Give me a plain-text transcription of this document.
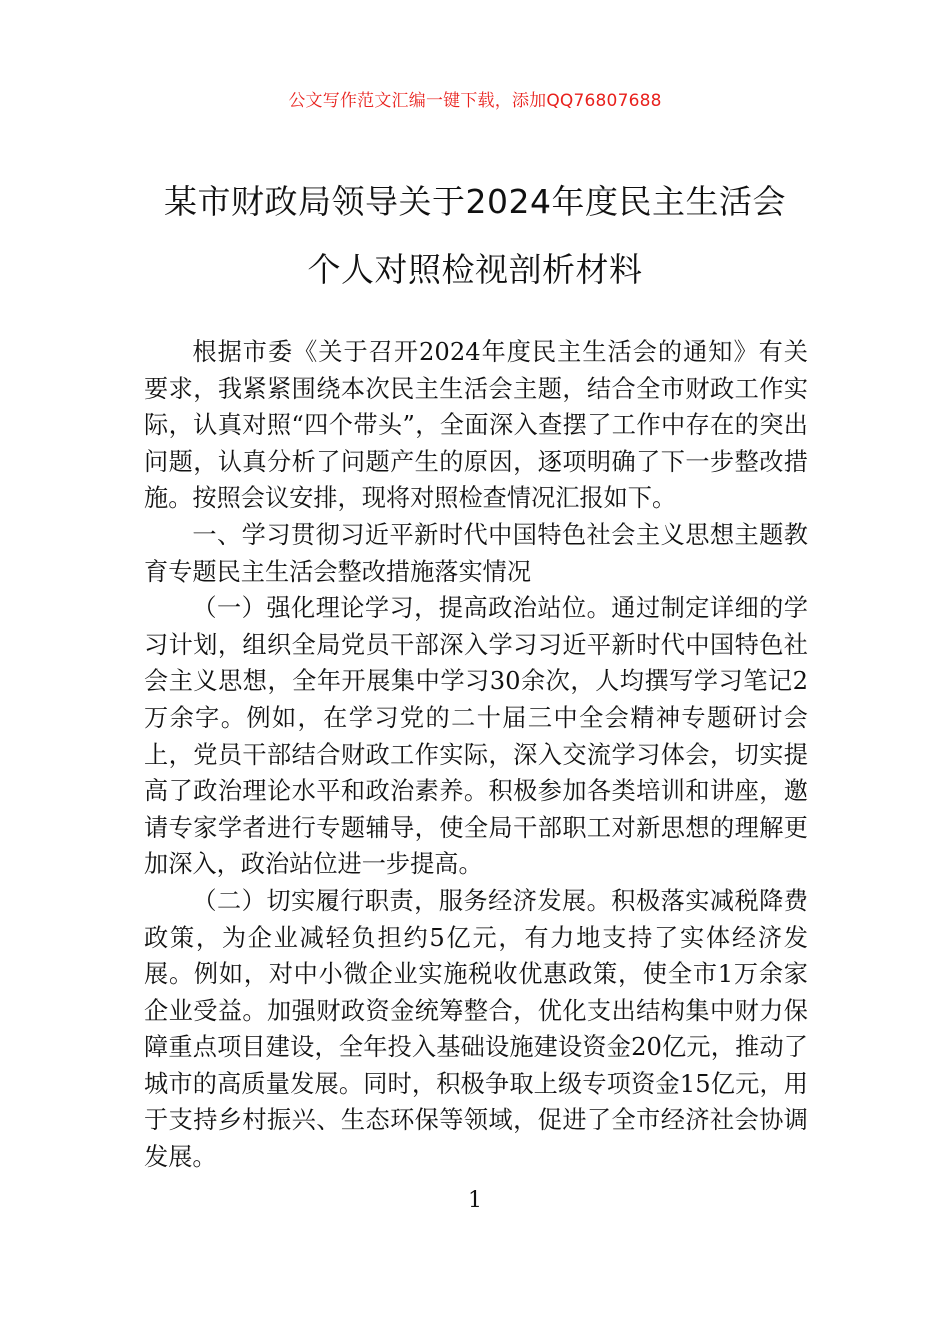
公文写作范文汇编一键下载，添加QQ76807688
某市财政局领导关于2024年度民主生活会
个人对照检视剖析材料

根据市委《关于召开2024年度民主生活会的通知》有关要求，我紧紧围绕本次民主生活会主题，结合全市财政工作实际，认真对照“四个带头”，全面深入查摆了工作中存在的突出问题，认真分析了问题产生的原因，逐项明确了下一步整改措施。按照会议安排，现将对照检查情况汇报如下。

一、学习贯彻习近平新时代中国特色社会主义思想主题教育专题民主生活会整改措施落实情况

（一）强化理论学习，提高政治站位。通过制定详细的学习计划，组织全局党员干部深入学习习近平新时代中国特色社会主义思想，全年开展集中学习30余次，人均撰写学习笔记2万余字。例如，在学习党的二十届三中全会精神专题研讨会上，党员干部结合财政工作实际，深入交流学习体会，切实提高了政治理论水平和政治素养。积极参加各类培训和讲座，邀请专家学者进行专题辅导，使全局干部职工对新思想的理解更加深入，政治站位进一步提高。

（二）切实履行职责，服务经济发展。积极落实减税降费政策，为企业减轻负担约5亿元，有力地支持了实体经济发展。例如，对中小微企业实施税收优惠政策，使全市1万余家企业受益。加强财政资金统筹整合，优化支出结构集中财力保障重点项目建设，全年投入基础设施建设资金20亿元，推动了城市的高质量发展。同时，积极争取上级专项资金15亿元，用于支持乡村振兴、生态环保等领域，促进了全市经济社会协调发展。

1
